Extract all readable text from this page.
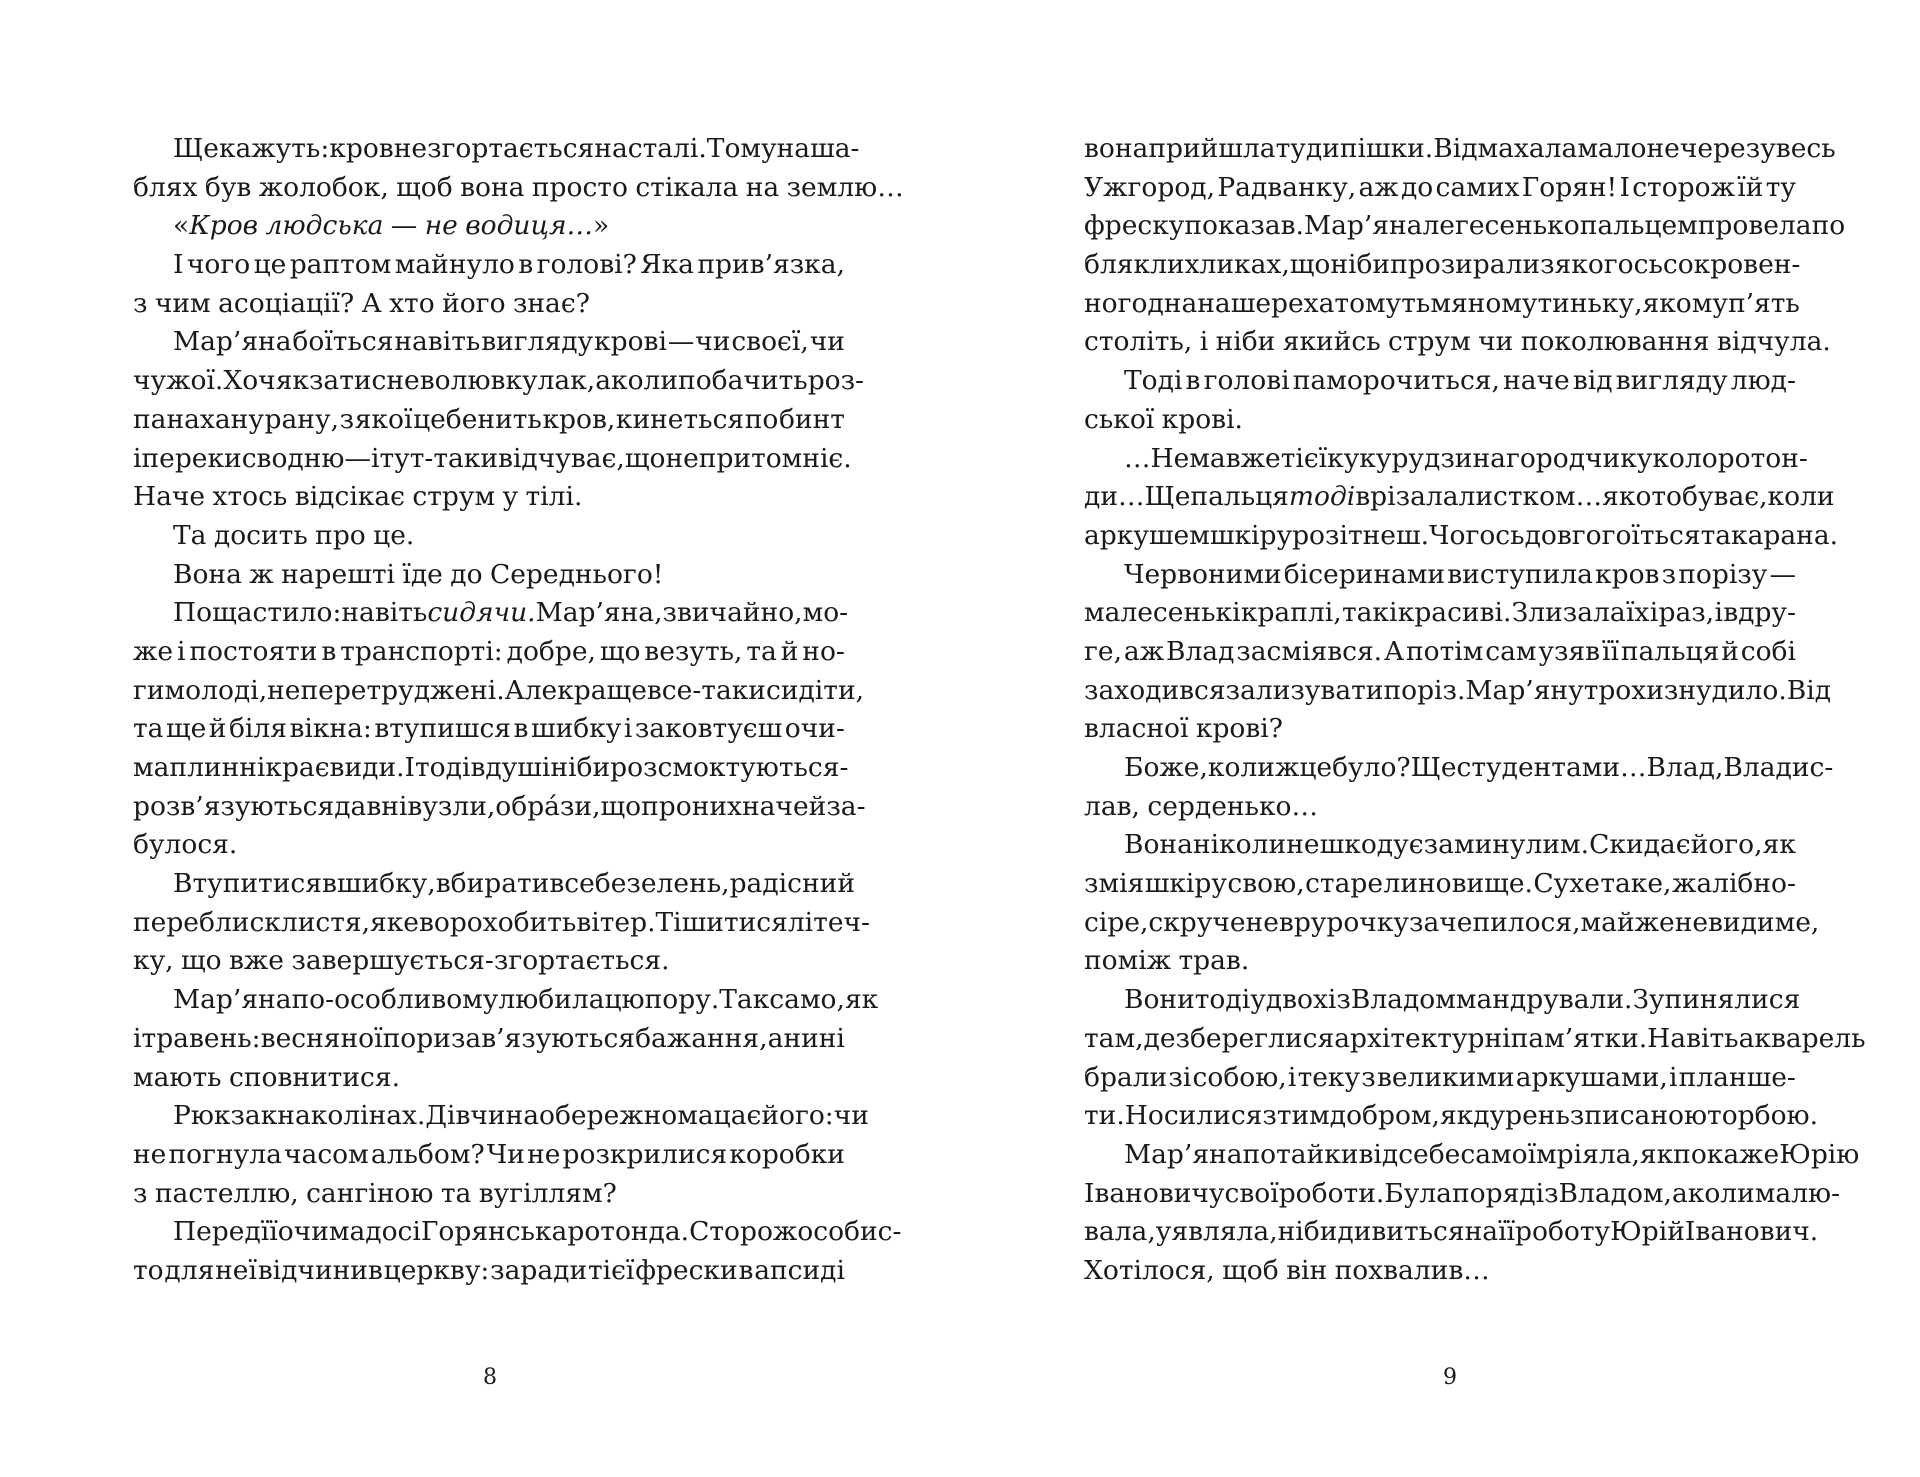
Ще кажуть: кров не згортається на сталі. Тому на ша-
блях був жолобок, щоб вона просто стікала на землю…
«Кров людська — не водиця…»
І чого це раптом майнуло в голові? Яка прив’язка,
з чим асоціації? А хто його знає?
Мар’яна боїться навіть вигляду крові — чи своєї, чи
чужої. Хоч як затисне волю в кулак, а коли побачить роз-
панахану рану, з якої цебенить кров, кинеться по бинт
і перекис водню — і тут-таки відчуває, що непритомніє.
Наче хтось відсікає струм у тілі.
Та досить про це.
Вона ж нарешті їде до Середнього!
Пощастило: навіть сидячи. Мар’яна, звичайно, мо-
же і постояти в транспорті: добре, що везуть, та й но-
ги молоді, не перетруджені. Але краще все-таки сидіти,
та ще й біля вікна: втупишся в шибку і заковтуєш очи-
ма плинні краєвиди. І тоді в душі ніби розсмоктуються-
розв’язуються давні вузли, обрáзи, що про них наче й за-
булося.
Втупитися в шибку, вбирати в себе зелень, радісний
переблиск листя, яке ворохобить вітер. Тішитися літеч-
ку, що вже завершується-згортається.
Мар’яна по-особливому любила цю пору. Так само, як
і травень: весняної пори зав’язуються бажання, а нині
мають сповнитися.
Рюкзак на колінах. Дівчина обережно мацає його: чи
не погнула часом альбом? Чи не розкрилися коробки
з пастеллю, сангіною та вугіллям?
Перед її очима досі Горянська ротонда. Сторож особис-
то для неї відчинив церкву: заради тієї фрески в апсиді
8
вона прийшла туди пішки. Відмахала мало не через увесь
Ужгород, Радванку, аж до самих Горян! І сторож їй ту
фреску показав. Мар’яна легесенько пальцем провела по
бляклих ликах, що ніби прозирали з якогось сокровен-
ного дна на шерехатому тьмяному тиньку, якому п’ять
століть, і ніби якийсь струм чи поколювання відчула.
Тоді в голові паморочиться, наче від вигляду люд-
ської крові.
…Нема вже тієї кукурудзи на городчику коло ротон-
ди… Ще пальця тоді врізала листком… як ото буває, коли
аркушем шкіру розітнеш. Чогось довго гоїться така рана.
Червоними бісеринами виступила кров з порізу —
малесенькі краплі, такі красиві. Злизала їх і раз, і вдру-
ге, аж Влад засміявся. А потім сам узяв її пальця й собі
заходився зализувати поріз. Мар’яну трохи знудило. Від
власної крові?
Боже, коли ж це було? Ще студентами… Влад, Владис-
лав, серденько…
Вона ніколи не шкодує за минулим. Скидає його, як
змія шкіру свою, старе линовище. Сухе таке, жалібно-
сіре, скручене в рурочку зачепилося, майже невидиме,
поміж трав.
Вони тоді удвох із Владом мандрували. Зупинялися
там, де збереглися архітектурні пам’ятки. Навіть акварель
брали зі собою, і теку з великими аркушами, і планше-
ти. Носилися з тим добром, як дурень з писаною торбою.
Мар’яна потайки від себе самої мріяла, як покаже Юрію
Івановичу свої роботи. Була поряд із Владом, а коли малю-
вала, уявляла, ніби дивиться на її роботу Юрій Іванович.
Хотілося, щоб він похвалив…
9
